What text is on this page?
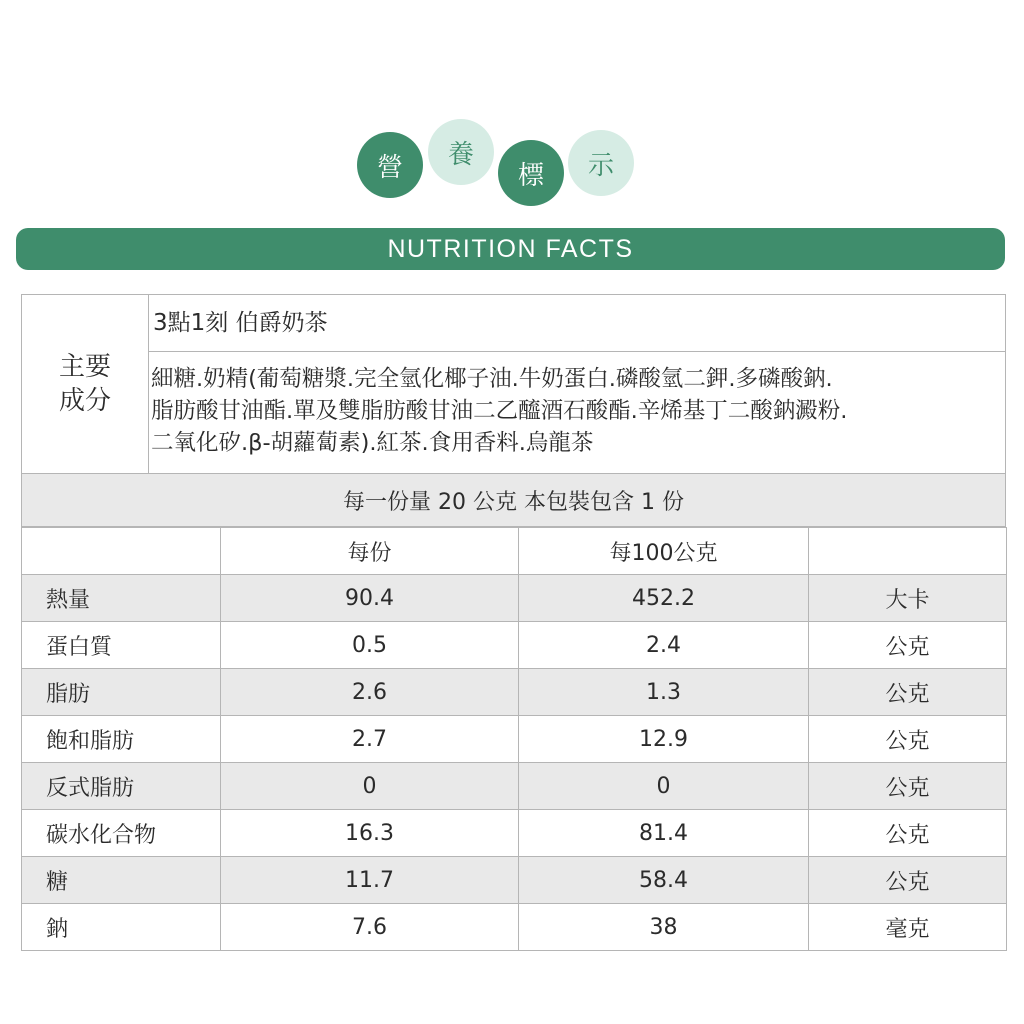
營	養
標	示
NUTRITION FACTS
主要
成分
3點1刻 伯爵奶茶
細糖.奶精(葡萄糖漿.完全氫化椰子油.牛奶蛋白.磷酸氫二鉀.多磷酸鈉.
脂肪酸甘油酯.單及雙脂肪酸甘油二乙醯酒石酸酯.辛烯基丁二酸鈉澱粉.
二氧化矽.β-胡蘿蔔素).紅茶.食用香料.烏龍茶
每一份量 20 公克 本包裝包含 1 份
	每份	每100公克	
熱量	90.4	452.2	大卡
蛋白質	0.5	2.4	公克
脂肪	2.6	1.3	公克
飽和脂肪	2.7	12.9	公克
反式脂肪	0	0	公克
碳水化合物	16.3	81.4	公克
糖	11.7	58.4	公克
鈉	7.6	38	毫克
